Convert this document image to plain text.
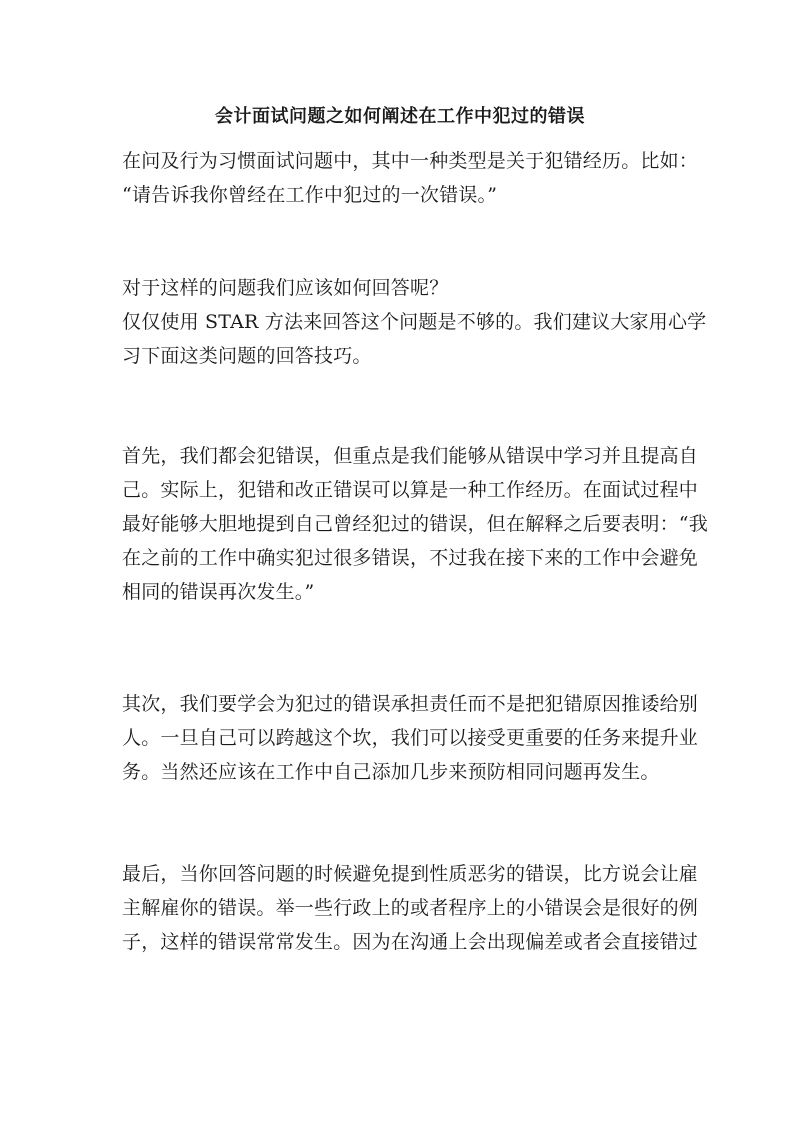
会计面试问题之如何阐述在工作中犯过的错误
在问及行为习惯面试问题中，其中一种类型是关于犯错经历。比如：
“请告诉我你曾经在工作中犯过的一次错误。”
对于这样的问题我们应该如何回答呢？
仅仅使用 STAR 方法来回答这个问题是不够的。我们建议大家用心学
习下面这类问题的回答技巧。
首先，我们都会犯错误，但重点是我们能够从错误中学习并且提高自
己。实际上，犯错和改正错误可以算是一种工作经历。在面试过程中
最好能够大胆地提到自己曾经犯过的错误，但在解释之后要表明：“我
在之前的工作中确实犯过很多错误，不过我在接下来的工作中会避免
相同的错误再次发生。”
其次，我们要学会为犯过的错误承担责任而不是把犯错原因推诿给别
人。一旦自己可以跨越这个坎，我们可以接受更重要的任务来提升业
务。当然还应该在工作中自己添加几步来预防相同问题再发生。
最后，当你回答问题的时候避免提到性质恶劣的错误，比方说会让雇
主解雇你的错误。举一些行政上的或者程序上的小错误会是很好的例
子，这样的错误常常发生。因为在沟通上会出现偏差或者会直接错过
